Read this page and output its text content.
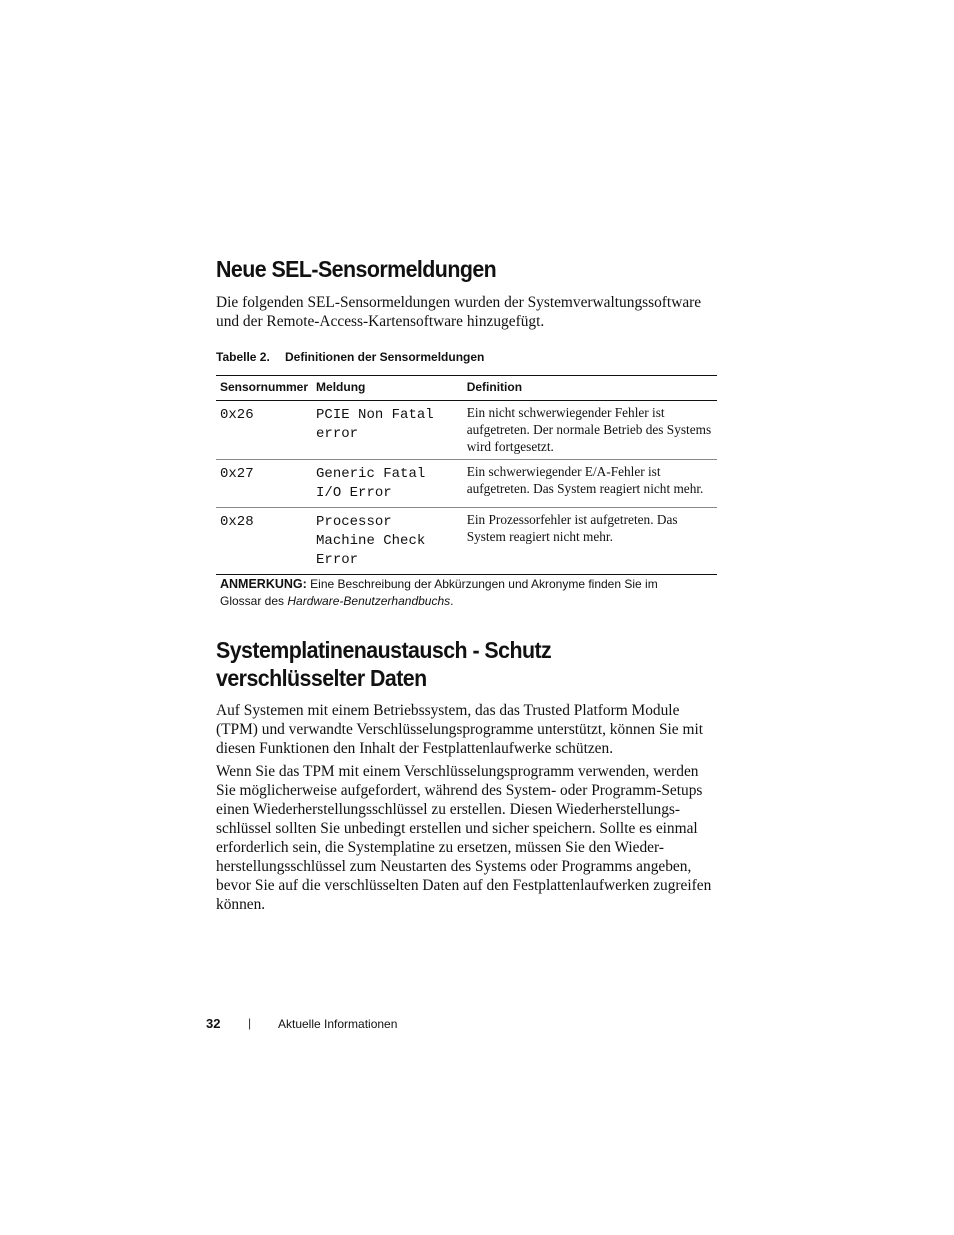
Neue SEL-Sensormeldungen

Die folgenden SEL-Sensormeldungen wurden der Systemverwaltungssoftware und der Remote-Access-Kartensoftware hinzugefügt.

Tabelle 2. Definitionen der Sensormeldungen
Sensornummer	Meldung	Definition
0x26	PCIE Non Fatal error	Ein nicht schwerwiegender Fehler ist aufgetreten. Der normale Betrieb des Systems wird fortgesetzt.
0x27	Generic Fatal I/O Error	Ein schwerwiegender E/A-Fehler ist aufgetreten. Das System reagiert nicht mehr.
0x28	Processor Machine Check Error	Ein Prozessorfehler ist aufgetreten. Das System reagiert nicht mehr.
ANMERKUNG: Eine Beschreibung der Abkürzungen und Akronyme finden Sie im Glossar des Hardware-Benutzerhandbuchs.
Systemplatinenaustausch - Schutz
verschlüsselter Daten

Auf Systemen mit einem Betriebssystem, das das Trusted Platform Module (TPM) und verwandte Verschlüsselungsprogramme unterstützt, können Sie mit diesen Funktionen den Inhalt der Festplattenlaufwerke schützen.

Wenn Sie das TPM mit einem Verschlüsselungsprogramm verwenden, werden Sie möglicherweise aufgefordert, während des System- oder Programm-Setups einen Wiederherstellungsschlüssel zu erstellen. Diesen Wiederherstellungs-schlüssel sollten Sie unbedingt erstellen und sicher speichern. Sollte es einmal erforderlich sein, die Systemplatine zu ersetzen, müssen Sie den Wieder-herstellungsschlüssel zum Neustarten des Systems oder Programms angeben, bevor Sie auf die verschlüsselten Daten auf den Festplattenlaufwerken zugreifen können.

32 | Aktuelle Informationen
